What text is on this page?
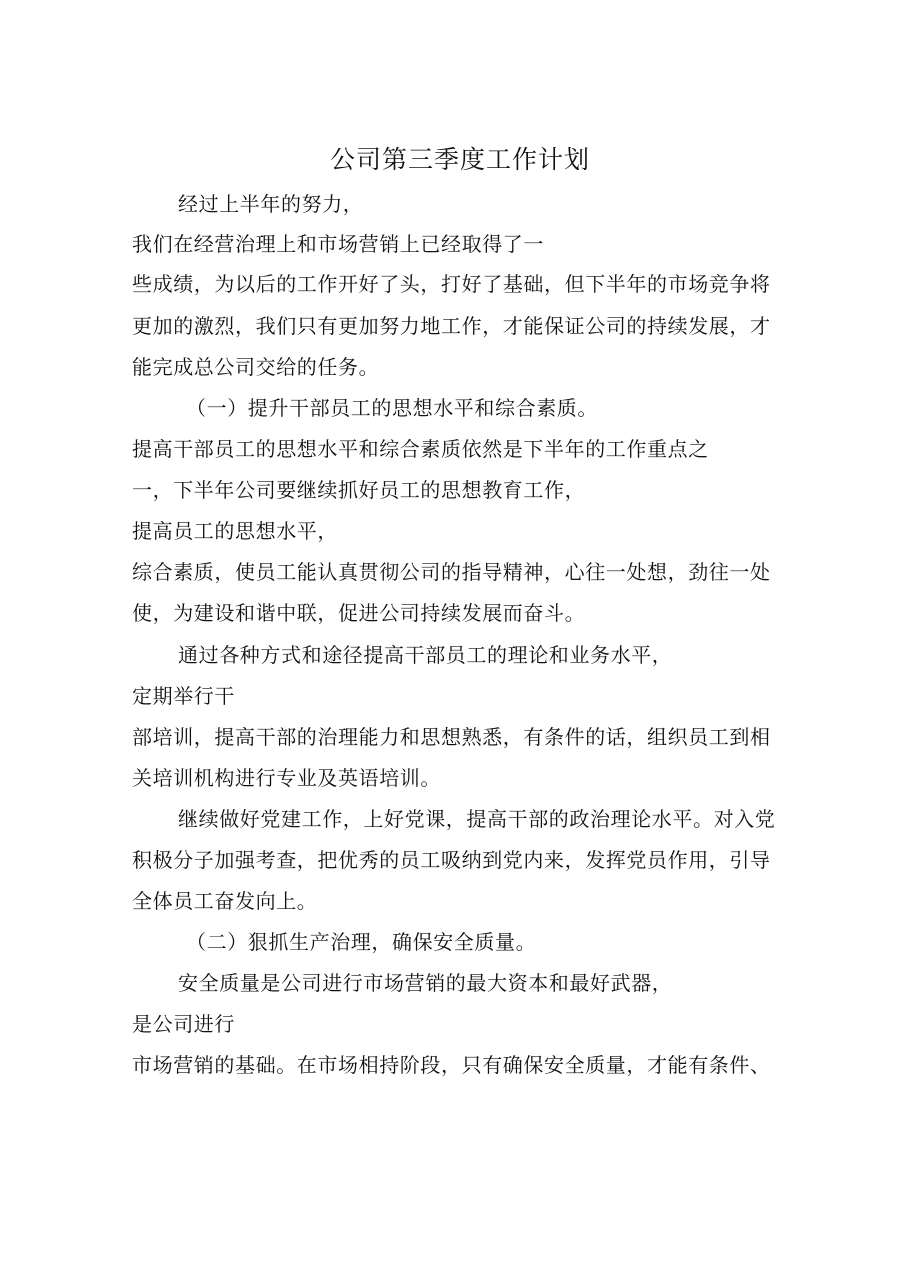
公司第三季度工作计划
经过上半年的努力，
我们在经营治理上和市场营销上已经取得了一
些成绩，为以后的工作开好了头，打好了基础，但下半年的市场竞争将
更加的激烈，我们只有更加努力地工作，才能保证公司的持续发展，才
能完成总公司交给的任务。
（一）提升干部员工的思想水平和综合素质。
提高干部员工的思想水平和综合素质依然是下半年的工作重点之
一，下半年公司要继续抓好员工的思想教育工作，
提高员工的思想水平，
综合素质，使员工能认真贯彻公司的指导精神，心往一处想，劲往一处
使，为建设和谐中联，促进公司持续发展而奋斗。
通过各种方式和途径提高干部员工的理论和业务水平，
定期举行干
部培训，提高干部的治理能力和思想熟悉，有条件的话，组织员工到相
关培训机构进行专业及英语培训。
继续做好党建工作，上好党课，提高干部的政治理论水平。对入党
积极分子加强考查，把优秀的员工吸纳到党内来，发挥党员作用，引导
全体员工奋发向上。
（二）狠抓生产治理，确保安全质量。
安全质量是公司进行市场营销的最大资本和最好武器，
是公司进行
市场营销的基础。在市场相持阶段，只有确保安全质量，才能有条件、
